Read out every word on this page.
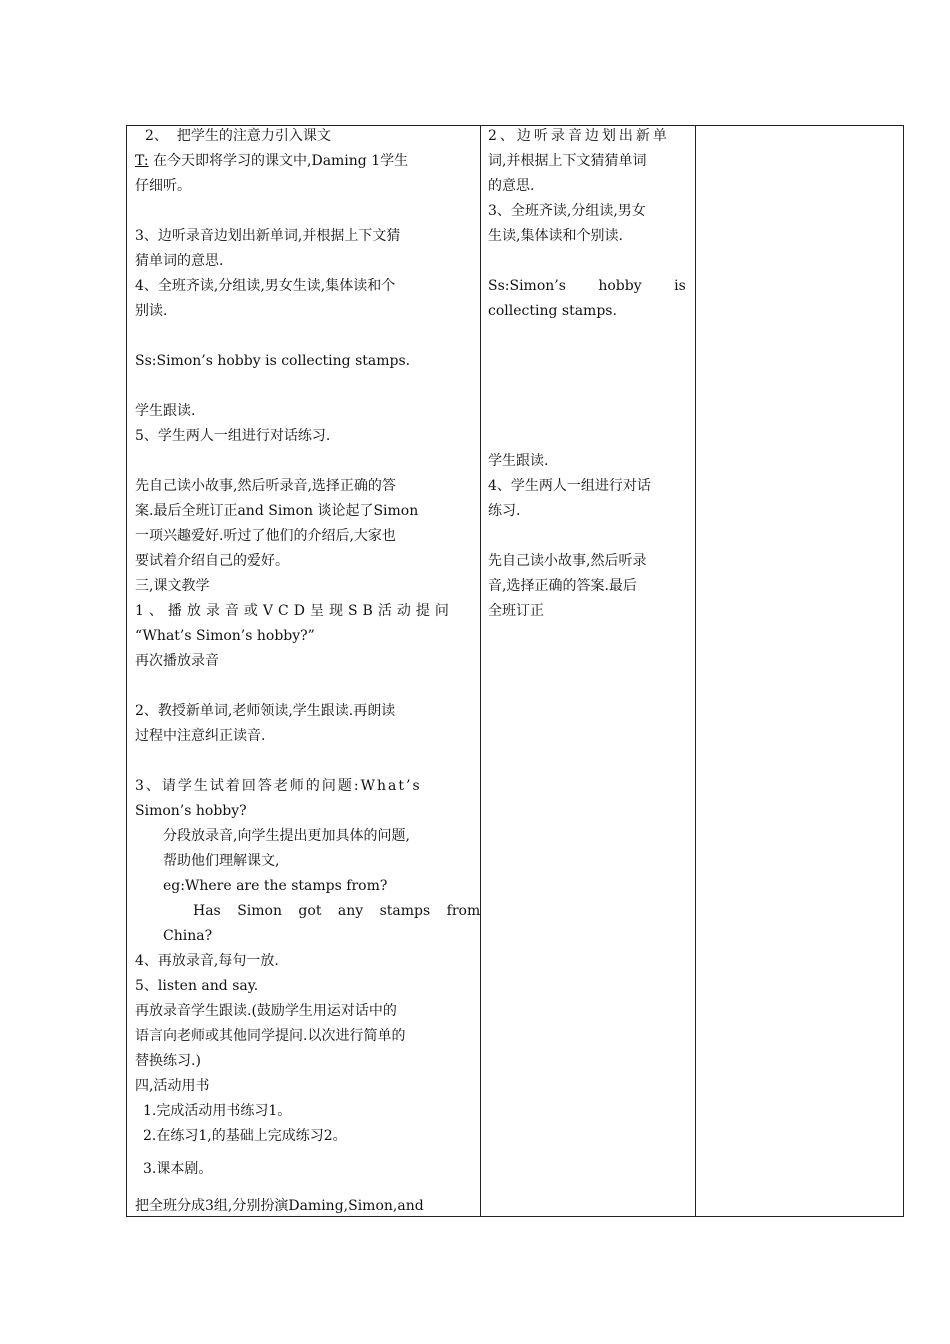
2、 把学生的注意力引入课文
T: 在今天即将学习的课文中,Daming 1学生
仔细听。
3、边听录音边划出新单词,并根据上下文猜
猜单词的意思.
4、全班齐读,分组读,男女生读,集体读和个
别读.
Ss:Simon’s hobby is collecting stamps.
学生跟读.
5、学生两人一组进行对话练习.
先自己读小故事,然后听录音,选择正确的答
案.最后全班订正and Simon 谈论起了Simon
一项兴趣爱好.听过了他们的介绍后,大家也
要试着介绍自己的爱好。
三,课文教学
1、播放录音或VCD呈现SB活动提问
“What’s Simon’s hobby?”
再次播放录音
2、教授新单词,老师领读,学生跟读.再朗读
过程中注意纠正读音.
3、请学生试着回答老师的问题:What’s
Simon’s hobby?
分段放录音,向学生提出更加具体的问题,
帮助他们理解课文,
eg:Where are the stamps from?
Has Simon got any stamps from
China?
4、再放录音,每句一放.
5、listen and say.
再放录音学生跟读.(鼓励学生用运对话中的
语言向老师或其他同学提问.以次进行简单的
替换练习.)
四,活动用书
1.完成活动用书练习1。
2.在练习1,的基础上完成练习2。
3.课本剧。
把全班分成3组,分别扮演Daming,Simon,and
2、边听录音边划出新单
词,并根据上下文猜猜单词
的意思.
3、全班齐读,分组读,男女
生读,集体读和个别读.
Ss:Simon’s hobby is
collecting stamps.
学生跟读.
4、学生两人一组进行对话
练习.
先自己读小故事,然后听录
音,选择正确的答案.最后
全班订正
